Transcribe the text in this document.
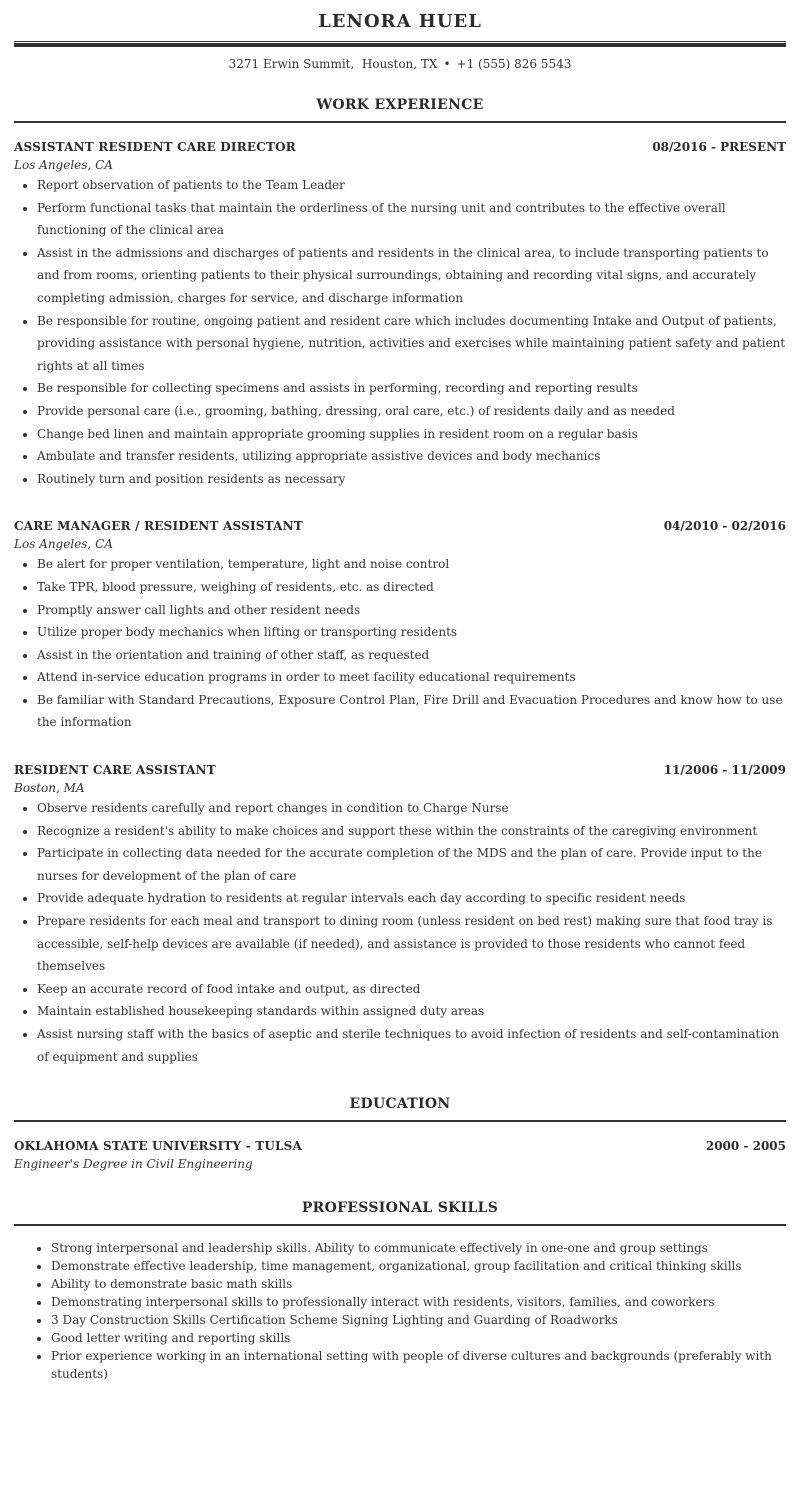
LENORA HUEL
3271 Erwin Summit,  Houston, TX • +1 (555) 826 5543
WORK EXPERIENCE
ASSISTANT RESIDENT CARE DIRECTOR	08/2016 - PRESENT
Los Angeles, CA
• Report observation of patients to the Team Leader
• Perform functional tasks that maintain the orderliness of the nursing unit and contributes to the effective overall functioning of the clinical area
• Assist in the admissions and discharges of patients and residents in the clinical area, to include transporting patients to and from rooms, orienting patients to their physical surroundings, obtaining and recording vital signs, and accurately completing admission, charges for service, and discharge information
• Be responsible for routine, ongoing patient and resident care which includes documenting Intake and Output of patients, providing assistance with personal hygiene, nutrition, activities and exercises while maintaining patient safety and patient rights at all times
• Be responsible for collecting specimens and assists in performing, recording and reporting results
• Provide personal care (i.e., grooming, bathing, dressing, oral care, etc.) of residents daily and as needed
• Change bed linen and maintain appropriate grooming supplies in resident room on a regular basis
• Ambulate and transfer residents, utilizing appropriate assistive devices and body mechanics
• Routinely turn and position residents as necessary
CARE MANAGER / RESIDENT ASSISTANT	04/2010 - 02/2016
Los Angeles, CA
• Be alert for proper ventilation, temperature, light and noise control
• Take TPR, blood pressure, weighing of residents, etc. as directed
• Promptly answer call lights and other resident needs
• Utilize proper body mechanics when lifting or transporting residents
• Assist in the orientation and training of other staff, as requested
• Attend in-service education programs in order to meet facility educational requirements
• Be familiar with Standard Precautions, Exposure Control Plan, Fire Drill and Evacuation Procedures and know how to use the information
RESIDENT CARE ASSISTANT	11/2006 - 11/2009
Boston, MA
• Observe residents carefully and report changes in condition to Charge Nurse
• Recognize a resident's ability to make choices and support these within the constraints of the caregiving environment
• Participate in collecting data needed for the accurate completion of the MDS and the plan of care. Provide input to the nurses for development of the plan of care
• Provide adequate hydration to residents at regular intervals each day according to specific resident needs
• Prepare residents for each meal and transport to dining room (unless resident on bed rest) making sure that food tray is accessible, self-help devices are available (if needed), and assistance is provided to those residents who cannot feed themselves
• Keep an accurate record of food intake and output, as directed
• Maintain established housekeeping standards within assigned duty areas
• Assist nursing staff with the basics of aseptic and sterile techniques to avoid infection of residents and self-contamination of equipment and supplies
EDUCATION
OKLAHOMA STATE UNIVERSITY - TULSA	2000 - 2005
Engineer's Degree in Civil Engineering
PROFESSIONAL SKILLS
• Strong interpersonal and leadership skills. Ability to communicate effectively in one-one and group settings
• Demonstrate effective leadership, time management, organizational, group facilitation and critical thinking skills
• Ability to demonstrate basic math skills
• Demonstrating interpersonal skills to professionally interact with residents, visitors, families, and coworkers
• 3 Day Construction Skills Certification Scheme Signing Lighting and Guarding of Roadworks
• Good letter writing and reporting skills
• Prior experience working in an international setting with people of diverse cultures and backgrounds (preferably with students)
